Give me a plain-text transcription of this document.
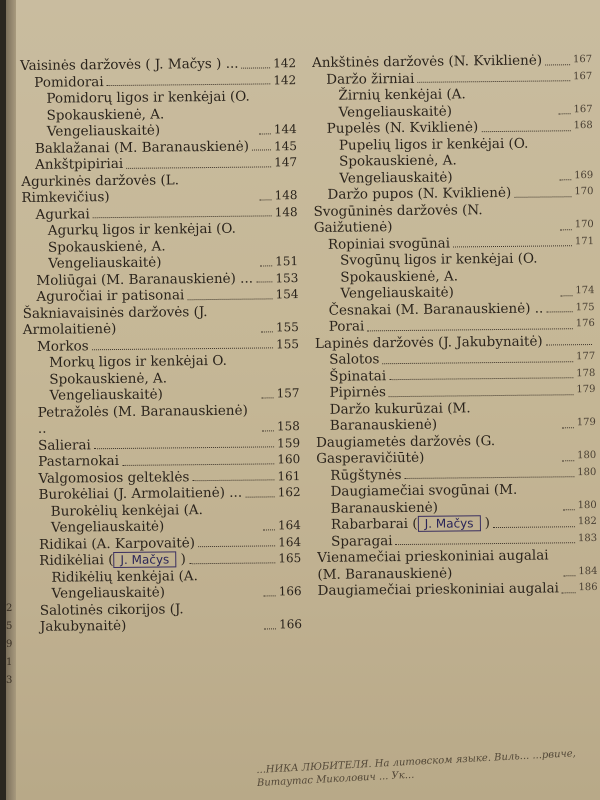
2
5
9
1
3
Vaisinės daržovės ( J. Mačys ) ...	142
Pomidorai	142
Pomidorų ligos ir kenkėjai (O. Spokauskienė, A. Vengeliauskaitė)	144
Baklažanai (M. Baranauskienė) 145
Ankštpipiriai	147
Agurkinės daržovės (L. Rimkevičius)	148
Agurkai	148
Agurkų ligos ir kenkėjai (O. Spokauskienė, A. Vengeliauskaitė)	151
Moliūgai (M. Baranauskienė) ... 153
Aguročiai ir patisonai	154
Šakniavaisinės daržovės (J. Armolaitienė)	155
Morkos	155
Morkų ligos ir kenkėjai O. Spokauskienė, A. Vengeliauskaitė)	157
Petražolės (M. Baranauskienė) ..	158
Salierai	159
Pastarnokai	160
Valgomosios gelteklės	161
Burokėliai (J. Armolaitienė) ...	162
Burokėlių kenkėjai (A. Vengeliauskaitė)	164
Ridikai (A. Karpovaitė)	164
Ridikėliai ( J. Mačys )	165
Ridikėlių kenkėjai (A. Vengeliauskaitė)	166
Salotinės cikorijos (J. Jakubynaitė)	166
Ankštinės daržovės (N. Kviklienė)	167
Daržo žirniai	167
Žirnių kenkėjai (A. Vengeliauskaitė)	167
Pupelės (N. Kviklienė)	168
Pupelių ligos ir kenkėjai (O. Spokauskienė, A. Vengeliauskaitė)	169
Daržo pupos (N. Kviklienė)	170
Svogūninės daržovės (N. Gaižutienė)	170
Ropiniai svogūnai	171
Svogūnų ligos ir kenkėjai (O. Spokauskienė, A. Vengeliauskaitė)	174
Česnakai (M. Baranauskienė) ..	175
Porai	176
Lapinės daržovės (J. Jakubynaitė)
Salotos	177
Špinatai	178
Pipirnės	179
Daržo kukurūzai (M. Baranauskienė)	179
Daugiametės daržovės (G. Gasperavičiūtė)	180
Rūgštynės	180
Daugiamečiai svogūnai (M. Baranauskienė)	180
Rabarbarai ( J. Mačys )	182
Sparagai	183
Vienamečiai prieskoniniai augalai (M. Baranauskienė)	184
Daugiamečiai prieskoniniai augalai 186
...НИКА ЛЮБИТЕЛЯ. На литовском языке. Виль... ...рвиче, Витаутас Миколович ... Ук...
